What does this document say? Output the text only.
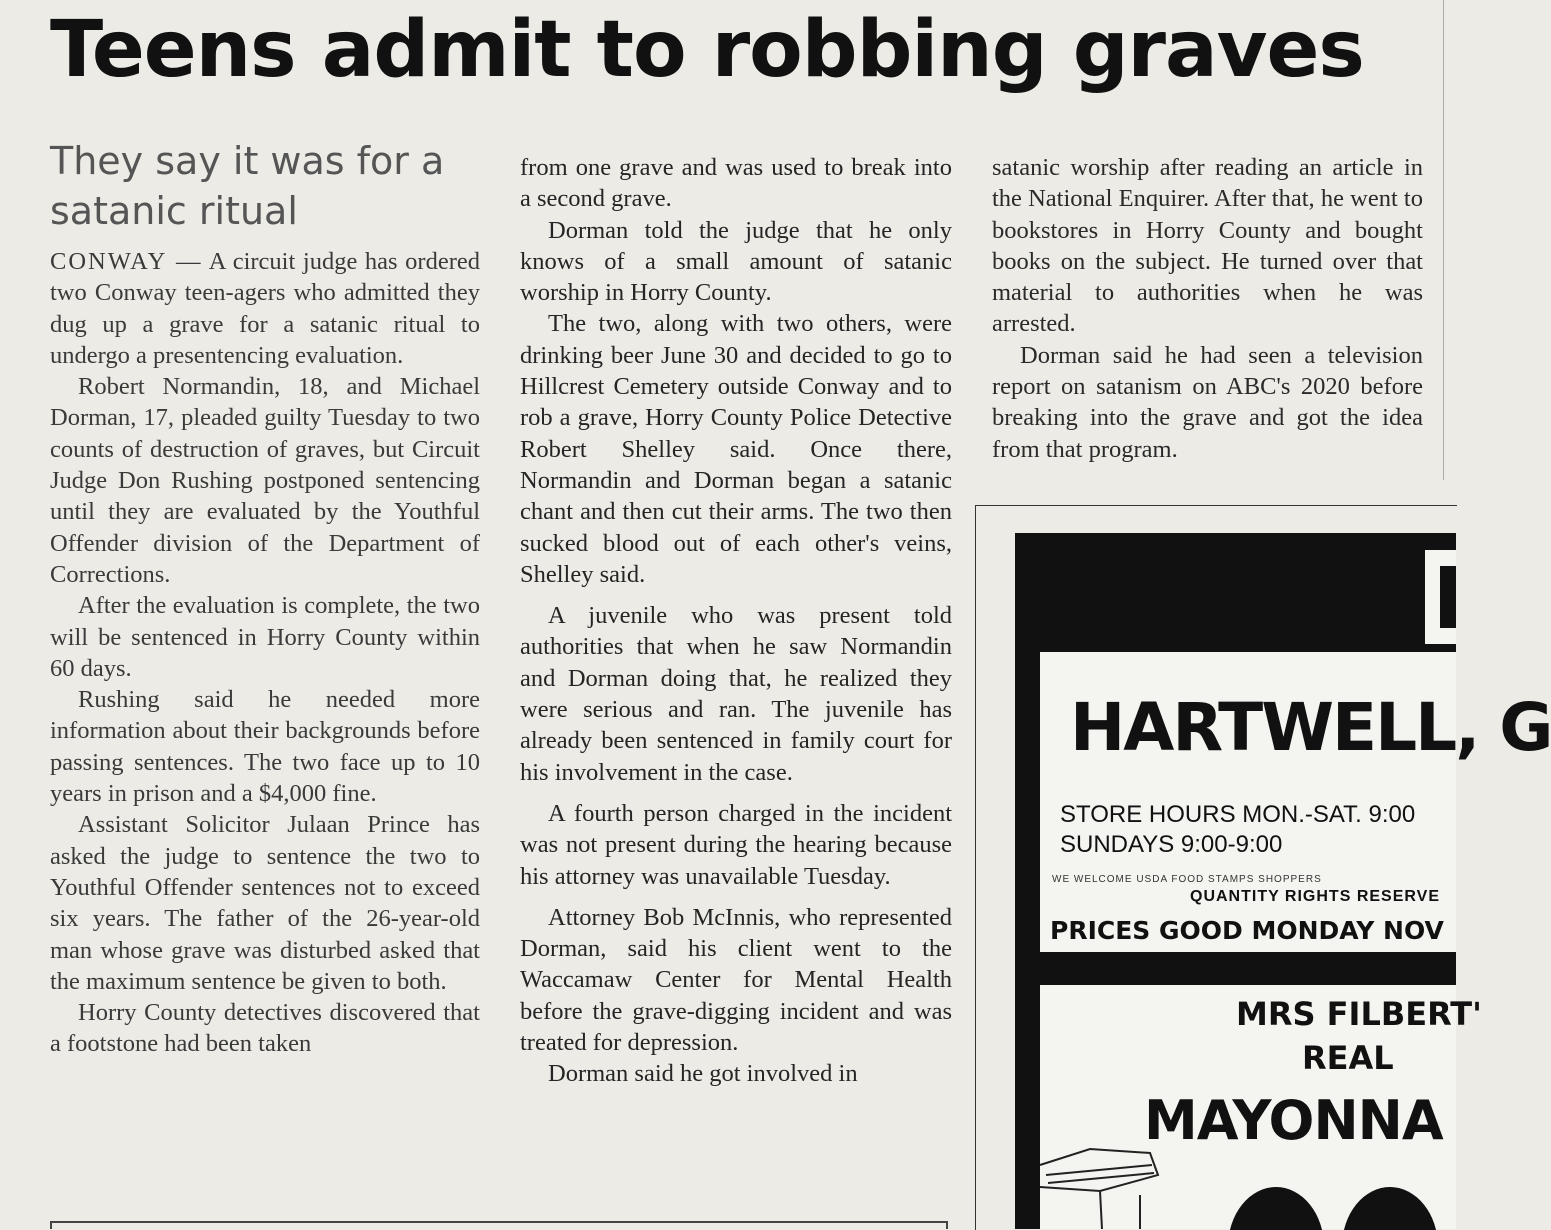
Teens admit to robbing graves
They say it was for a satanic ritual

CONWAY — A circuit judge has ordered two Conway teen-agers who admitted they dug up a grave for a satanic ritual to undergo a presentencing evaluation.

Robert Normandin, 18, and Michael Dorman, 17, pleaded guilty Tuesday to two counts of destruction of graves, but Circuit Judge Don Rushing postponed sentencing until they are evaluated by the Youthful Offender division of the Department of Corrections.

After the evaluation is complete, the two will be sentenced in Horry County within 60 days.

Rushing said he needed more information about their backgrounds before passing sentences. The two face up to 10 years in prison and a $4,000 fine.

Assistant Solicitor Julaan Prince has asked the judge to sentence the two to Youthful Offender sentences not to exceed six years. The father of the 26-year-old man whose grave was disturbed asked that the maximum sentence be given to both.

Horry County detectives discovered that a footstone had been taken

from one grave and was used to break into a second grave.

Dorman told the judge that he only knows of a small amount of satanic worship in Horry County.

The two, along with two others, were drinking beer June 30 and decided to go to Hillcrest Cemetery outside Conway and to rob a grave, Horry County Police Detective Robert Shelley said. Once there, Normandin and Dorman began a satanic chant and then cut their arms. The two then sucked blood out of each other's veins, Shelley said.

A juvenile who was present told authorities that when he saw Normandin and Dorman doing that, he realized they were serious and ran. The juvenile has already been sentenced in family court for his involvement in the case.

A fourth person charged in the incident was not present during the hearing because his attorney was unavailable Tuesday.

Attorney Bob McInnis, who represented Dorman, said his client went to the Waccamaw Center for Mental Health before the grave-digging incident and was treated for depression.

Dorman said he got involved in

satanic worship after reading an article in the National Enquirer. After that, he went to bookstores in Horry County and bought books on the subject. He turned over that material to authorities when he was arrested.

Dorman said he had seen a television report on satanism on ABC's 2020 before breaking into the grave and got the idea from that program.

HARTWELL, G
STORE HOURS MON.-SAT. 9:00
SUNDAYS 9:00-9:00
WE WELCOME USDA FOOD STAMPS SHOPPERS
QUANTITY RIGHTS RESERVE
PRICES GOOD MONDAY NOV
MRS FILBERT'
REAL
MAYONNA
